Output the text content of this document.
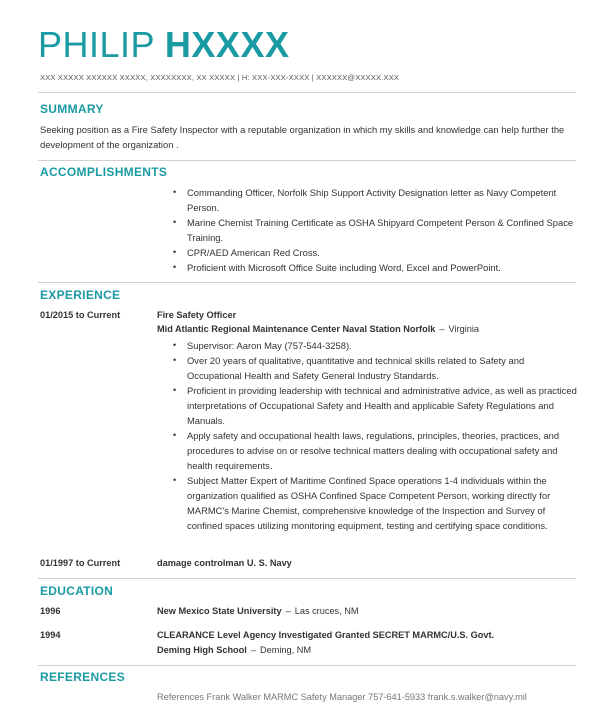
PHILIP HXXXX
XXX XXXXX XXXXXX XXXXX, XXXXXXXX, XX XXXXX | H: XXX-XXX-XXXX | XXXXXX@XXXXX.XXX
SUMMARY
Seeking position as a Fire Safety Inspector with a reputable organization in which my skills and knowledge can help further the development of the organization .
ACCOMPLISHMENTS
• Commanding Officer, Norfolk Ship Support Activity Designation letter as Navy Competent Person.
• Marine Chemist Training Certificate as OSHA Shipyard Competent Person & Confined Space Training.
• CPR/AED American Red Cross.
• Proficient with Microsoft Office Suite including Word, Excel and PowerPoint.
EXPERIENCE
01/2015 to Current	Fire Safety Officer
Mid Atlantic Regional Maintenance Center Naval Station Norfolk – Virginia
• Supervisor: Aaron May (757-544-3258).
• Over 20 years of qualitative, quantitative and technical skills related to Safety and Occupational Health and Safety General Industry Standards.
• Proficient in providing leadership with technical and administrative advice, as well as practiced interpretations of Occupational Safety and Health and applicable Safety Regulations and Manuals.
• Apply safety and occupational health laws, regulations, principles, theories, practices, and procedures to advise on or resolve technical matters dealing with occupational safety and health requirements.
• Subject Matter Expert of Maritime Confined Space operations 1-4 individuals within the organization qualified as OSHA Confined Space Competent Person, working directly for MARMC's Marine Chemist, comprehensive knowledge of the Inspection and Survey of confined spaces utilizing monitoring equipment, testing and certifying space conditions.
01/1997 to Current	damage controlman U. S. Navy
EDUCATION
1996	New Mexico State University – Las cruces, NM
1994	CLEARANCE Level Agency Investigated Granted SECRET MARMC/U.S. Govt.
Deming High School – Deming, NM
REFERENCES
References Frank Walker MARMC Safety Manager 757-641-5933 frank.s.walker@navy.mil
